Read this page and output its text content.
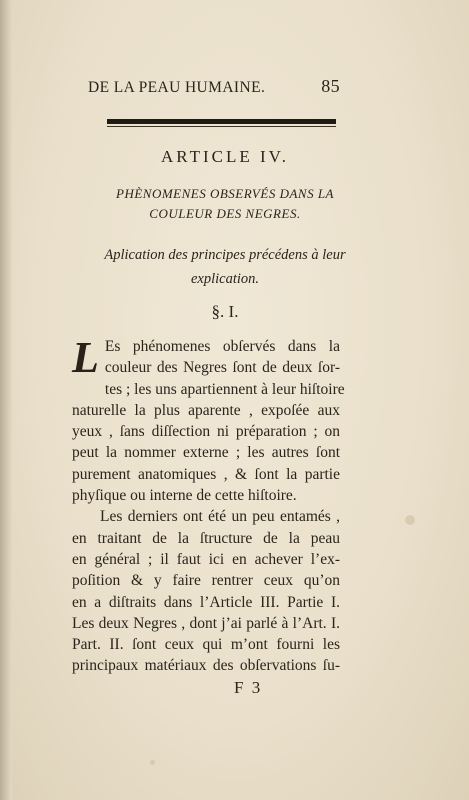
DE LA PEAU HUMAINE.	85
ARTICLE IV.
PHÈNOMENES OBSERVÉS DANS LA
COULEUR DES NEGRES.
Aplication des principes précédens à leur
explication.
§. I.
L Es phénomenes obſervés dans la
couleur des Negres ſont de deux ſor-
tes ; les uns apartiennent à leur hiſtoire
naturelle la plus aparente , expoſée aux
yeux , ſans diſſection ni préparation ; on
peut la nommer externe ; les autres ſont
purement anatomiques , & ſont la partie
phyſique ou interne de cette hiſtoire.
Les derniers ont été un peu entamés ,
en traitant de la ſtructure de la peau
en général ; il faut ici en achever l’ex-
poſition & y faire rentrer ceux qu’on
en a diſtraits dans l’Article III. Partie I.
Les deux Negres , dont j’ai parlé à l’Art. I.
Part. II. ſont ceux qui m’ont fourni les
principaux matériaux des obſervations ſu-
F 3
